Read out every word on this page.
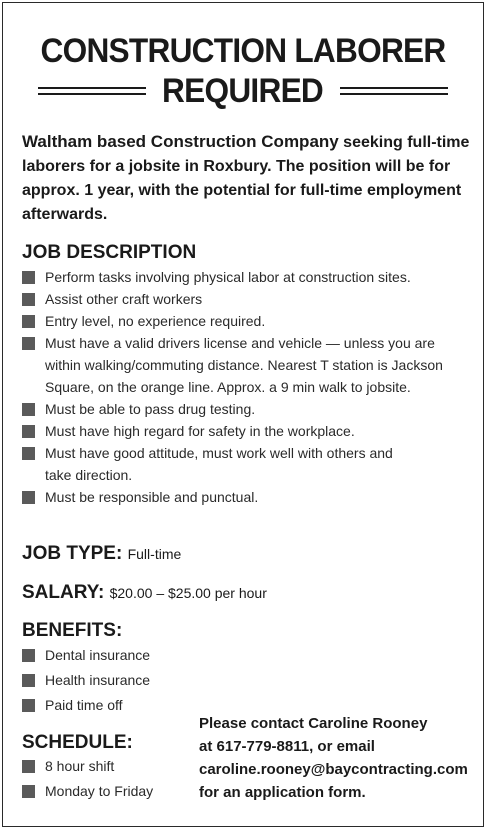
CONSTRUCTION LABORER
REQUIRED
Waltham based Construction Company seeking full-time laborers for a jobsite in Roxbury. The position will be for approx. 1 year, with the potential for full-time employment afterwards.
JOB DESCRIPTION
Perform tasks involving physical labor at construction sites.
Assist other craft workers
Entry level, no experience required.
Must have a valid drivers license and vehicle — unless you are within walking/commuting distance. Nearest T station is Jackson Square, on the orange line. Approx. a 9 min walk to jobsite.
Must be able to pass drug testing.
Must have high regard for safety in the workplace.
Must have good attitude, must work well with others and take direction.
Must be responsible and punctual.
JOB TYPE: Full-time
SALARY: $20.00 – $25.00 per hour
BENEFITS:
Dental insurance
Health insurance
Paid time off
SCHEDULE:
8 hour shift
Monday to Friday
Please contact Caroline Rooney
at 617-779-8811, or email
caroline.rooney@baycontracting.com
for an application form.
